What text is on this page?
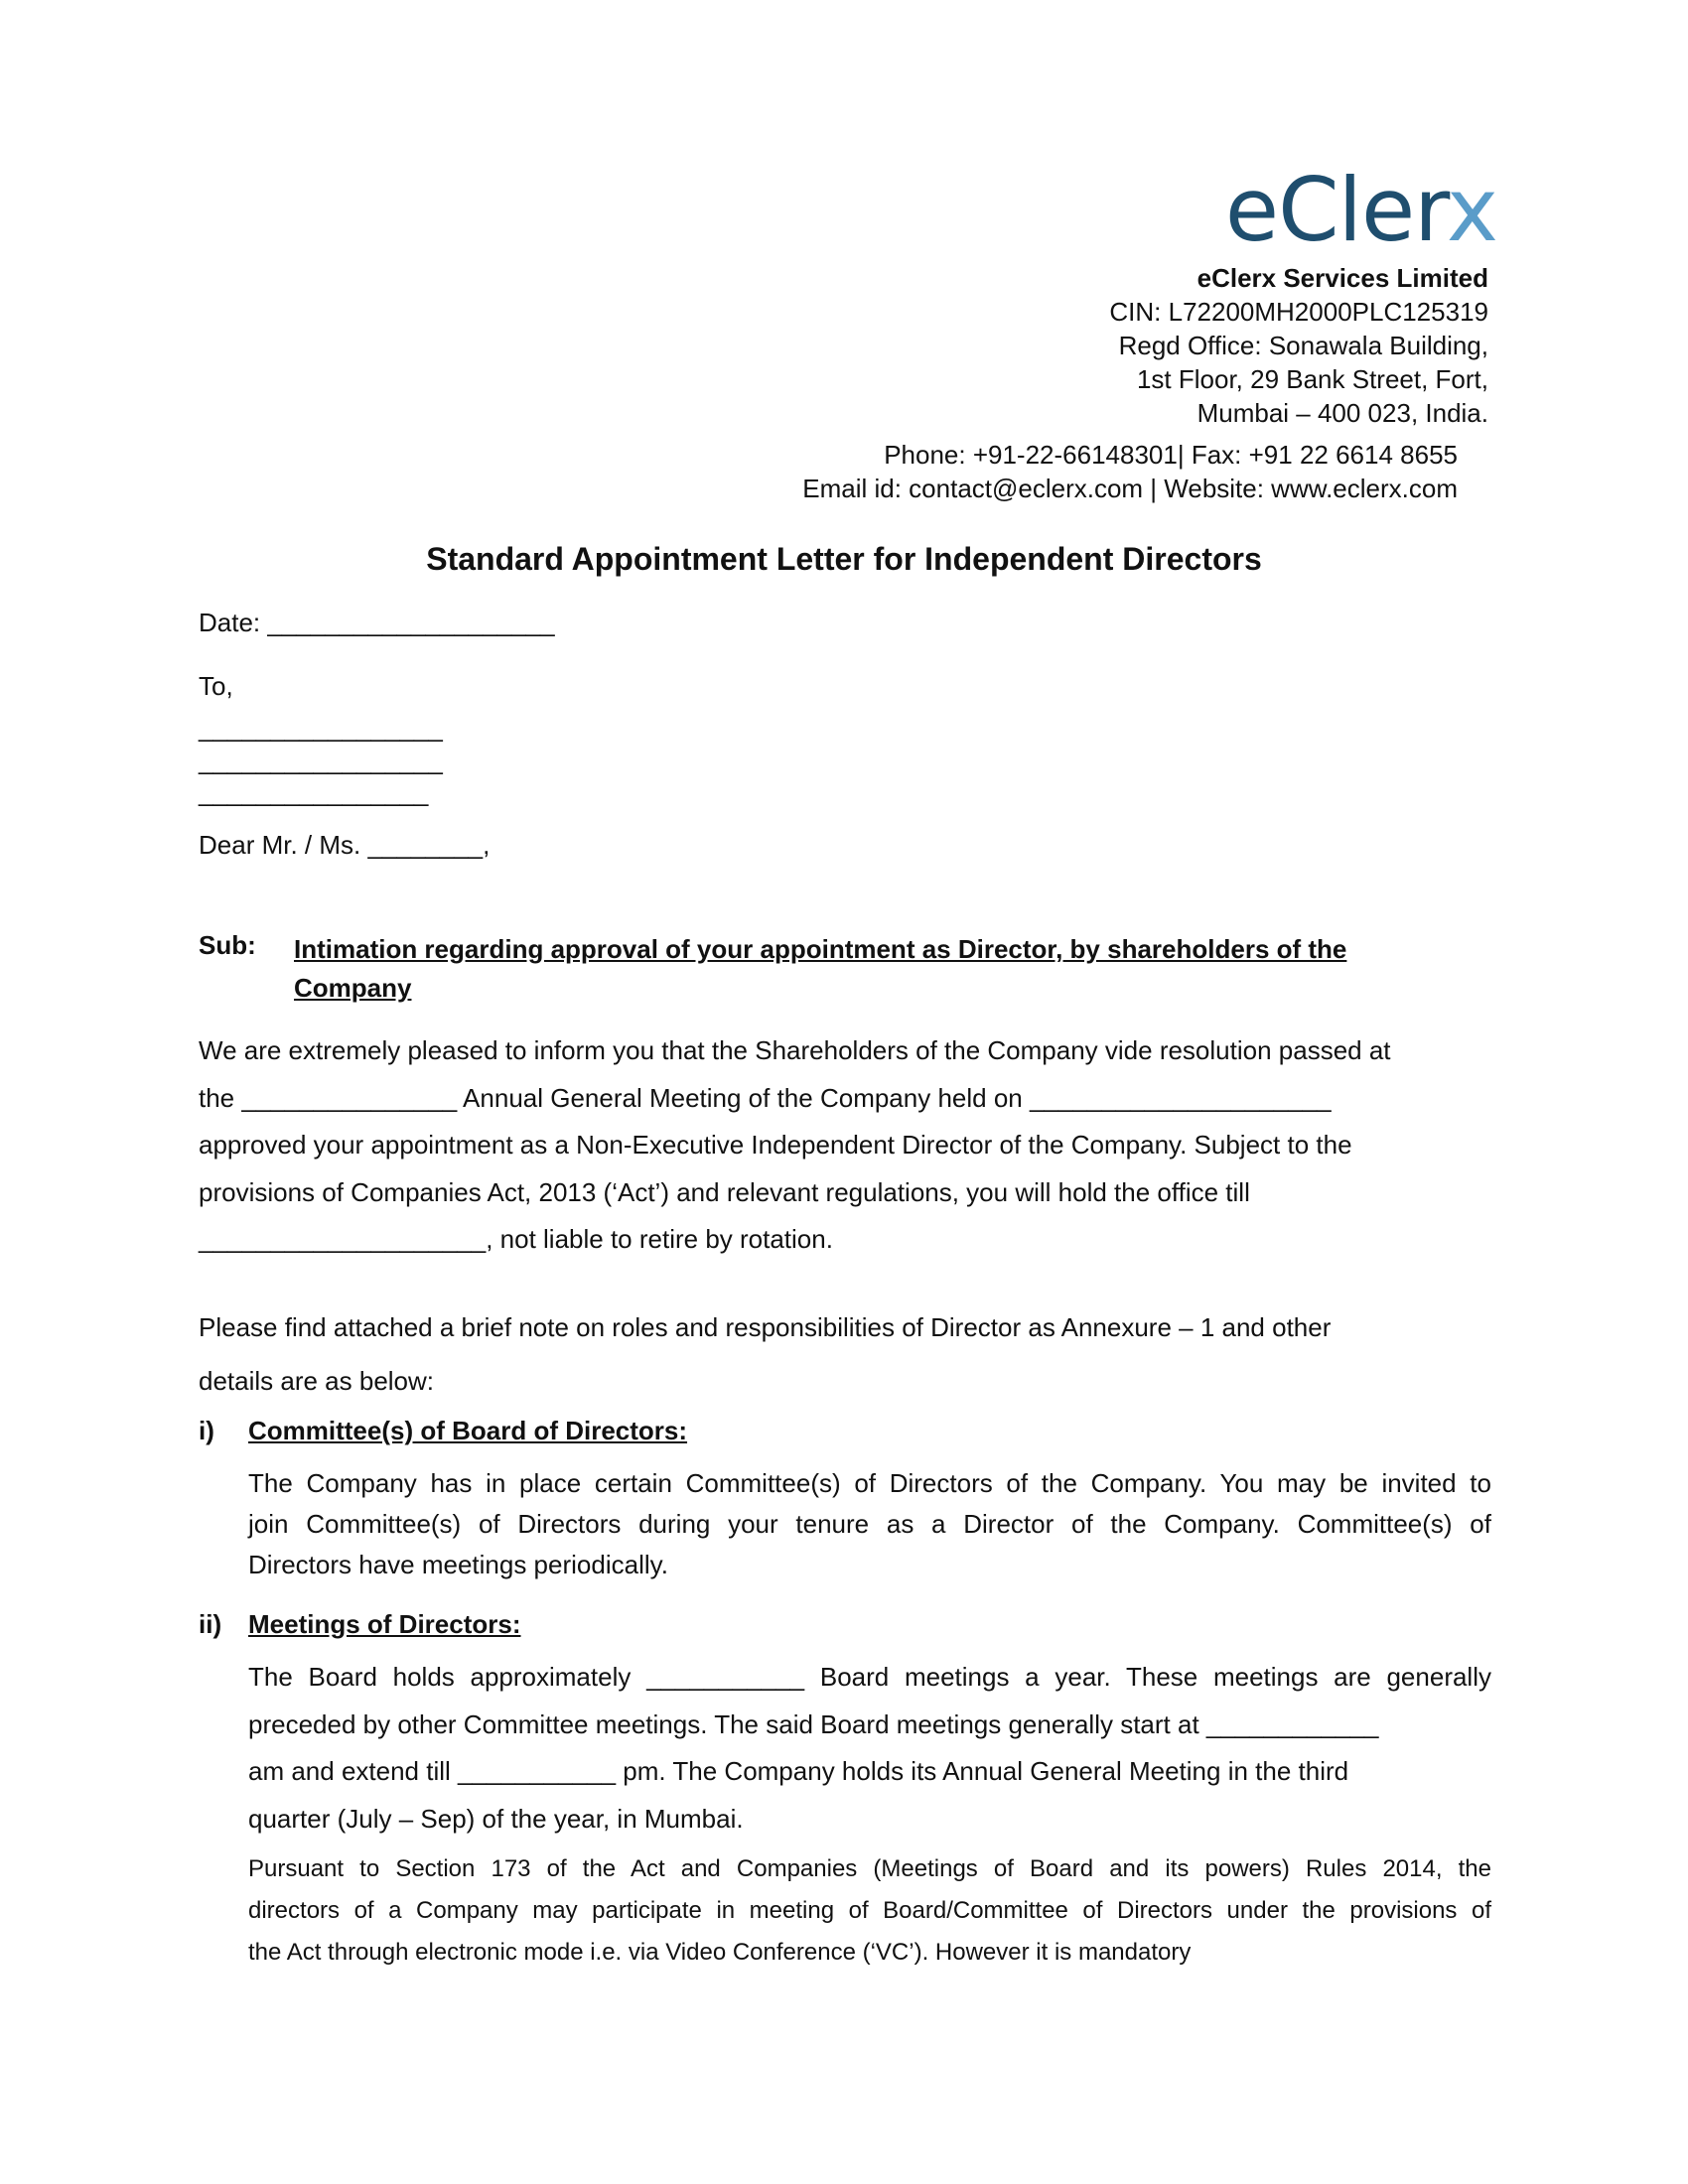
eClerx
eClerx Services Limited
CIN: L72200MH2000PLC125319
Regd Office: Sonawala Building,
1st Floor, 29 Bank Street, Fort,
Mumbai – 400 023, India.
Phone: +91-22-66148301| Fax: +91 22 6614 8655
Email id: contact@eclerx.com | Website: www.eclerx.com
Standard Appointment Letter for Independent Directors
Date: ____________________
To,
_________________
_________________
________________
Dear Mr. / Ms. ________,
Sub: Intimation regarding approval of your appointment as Director, by shareholders of the Company
We are extremely pleased to inform you that the Shareholders of the Company vide resolution passed at
the _______________ Annual General Meeting of the Company held on _____________________
approved your appointment as a Non-Executive Independent Director of the Company. Subject to the
provisions of Companies Act, 2013 (‘Act’) and relevant regulations, you will hold the office till
____________________, not liable to retire by rotation.
Please find attached a brief note on roles and responsibilities of Director as Annexure – 1 and other
details are as below:
i) Committee(s) of Board of Directors:
The Company has in place certain Committee(s) of Directors of the Company. You may be invited to
join Committee(s) of Directors during your tenure as a Director of the Company. Committee(s) of
Directors have meetings periodically.
ii) Meetings of Directors:
The Board holds approximately ___________ Board meetings a year. These meetings are generally
preceded by other Committee meetings. The said Board meetings generally start at ____________
am and extend till ___________ pm. The Company holds its Annual General Meeting in the third
quarter (July – Sep) of the year, in Mumbai.
Pursuant to Section 173 of the Act and Companies (Meetings of Board and its powers) Rules 2014, the
directors of a Company may participate in meeting of Board/Committee of Directors under the provisions of
the Act through electronic mode i.e. via Video Conference (‘VC’). However it is mandatory
